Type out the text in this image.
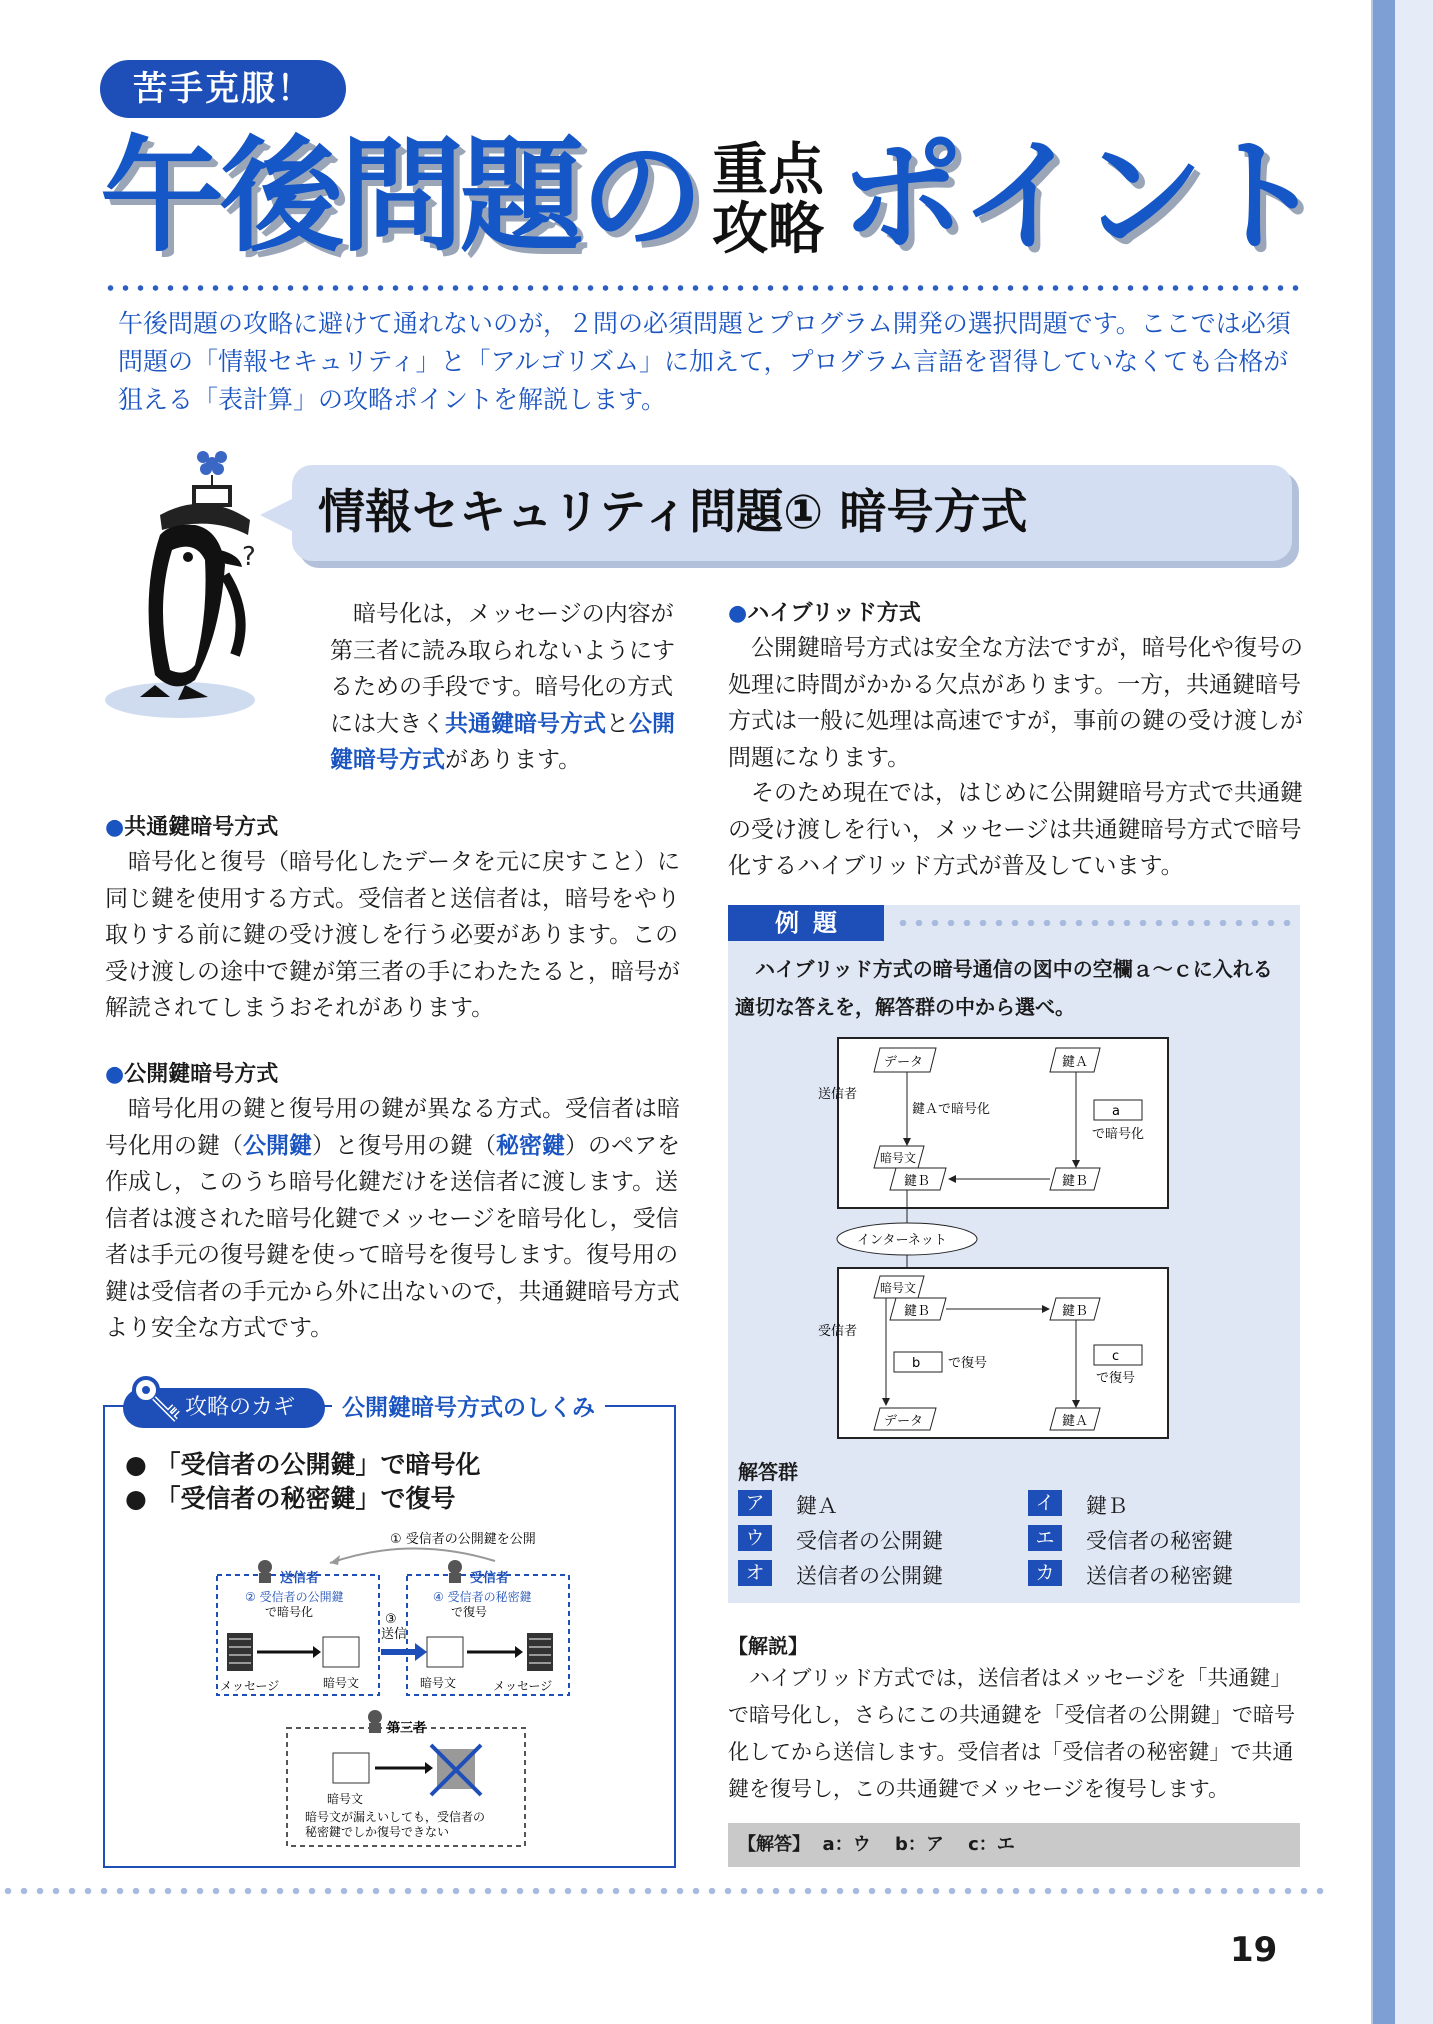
苦手克服！
午後問題の 重点
攻略 ポイント
午後問題の攻略に避けて通れないのが，２問の必須問題とプログラム開発の選択問題です。ここでは必須問題の「情報セキュリティ」と「アルゴリズム」に加えて，プログラム言語を習得していなくても合格が狙える「表計算」の攻略ポイントを解説します。
?
情報セキュリティ問題① 暗号方式
暗号化は，メッセージの内容が第三者に読み取られないようにするための手段です。暗号化の方式には大きく共通鍵暗号方式と公開鍵暗号方式があります。
●共通鍵暗号方式
暗号化と復号（暗号化したデータを元に戻すこと）に同じ鍵を使用する方式。受信者と送信者は，暗号をやり取りする前に鍵の受け渡しを行う必要があります。この受け渡しの途中で鍵が第三者の手にわたたると，暗号が解読されてしまうおそれがあります。
●公開鍵暗号方式
暗号化用の鍵と復号用の鍵が異なる方式。受信者は暗号化用の鍵（公開鍵）と復号用の鍵（秘密鍵）のペアを作成し，このうち暗号化鍵だけを送信者に渡します。送信者は渡された暗号化鍵でメッセージを暗号化し，受信者は手元の復号鍵を使って暗号を復号します。復号用の鍵は受信者の手元から外に出ないので，共通鍵暗号方式より安全な方式です。
攻略のカギ	公開鍵暗号方式のしくみ
● 「受信者の公開鍵」で暗号化
● 「受信者の秘密鍵」で復号
① 受信者の公開鍵を公開
送信者	受信者
② 受信者の公開鍵
で暗号化
④ 受信者の秘密鍵
で復号
③
送信
メッセージ	暗号文	暗号文	メッセージ
第三者
暗号文
暗号文が漏えいしても，受信者の
秘密鍵でしか復号できない
●ハイブリッド方式
公開鍵暗号方式は安全な方法ですが，暗号化や復号の処理に時間がかかる欠点があります。一方，共通鍵暗号方式は一般に処理は高速ですが，事前の鍵の受け渡しが問題になります。
そのため現在では，はじめに公開鍵暗号方式で共通鍵の受け渡しを行い，メッセージは共通鍵暗号方式で暗号化するハイブリッド方式が普及しています。
例題
ハイブリッド方式の暗号通信の図中の空欄ａ～ｃに入れる適切な答えを，解答群の中から選べ。
送信者
データ	鍵Ａ
鍵Ａで暗号化	a
で暗号化
暗号文
鍵Ｂ	鍵Ｂ
インターネット
受信者
暗号文
鍵Ｂ	鍵Ｂ
b で復号	c
で復号
データ	鍵Ａ
解答群
ア	鍵Ａ	イ	鍵Ｂ
ウ	受信者の公開鍵	エ	受信者の秘密鍵
オ	送信者の公開鍵	カ	送信者の秘密鍵
【解説】
ハイブリッド方式では，送信者はメッセージを「共通鍵」で暗号化し，さらにこの共通鍵を「受信者の公開鍵」で暗号化してから送信します。受信者は「受信者の秘密鍵」で共通鍵を復号し，この共通鍵でメッセージを復号します。
【解答】 a：ウ　 b：ア　 c：エ
19
